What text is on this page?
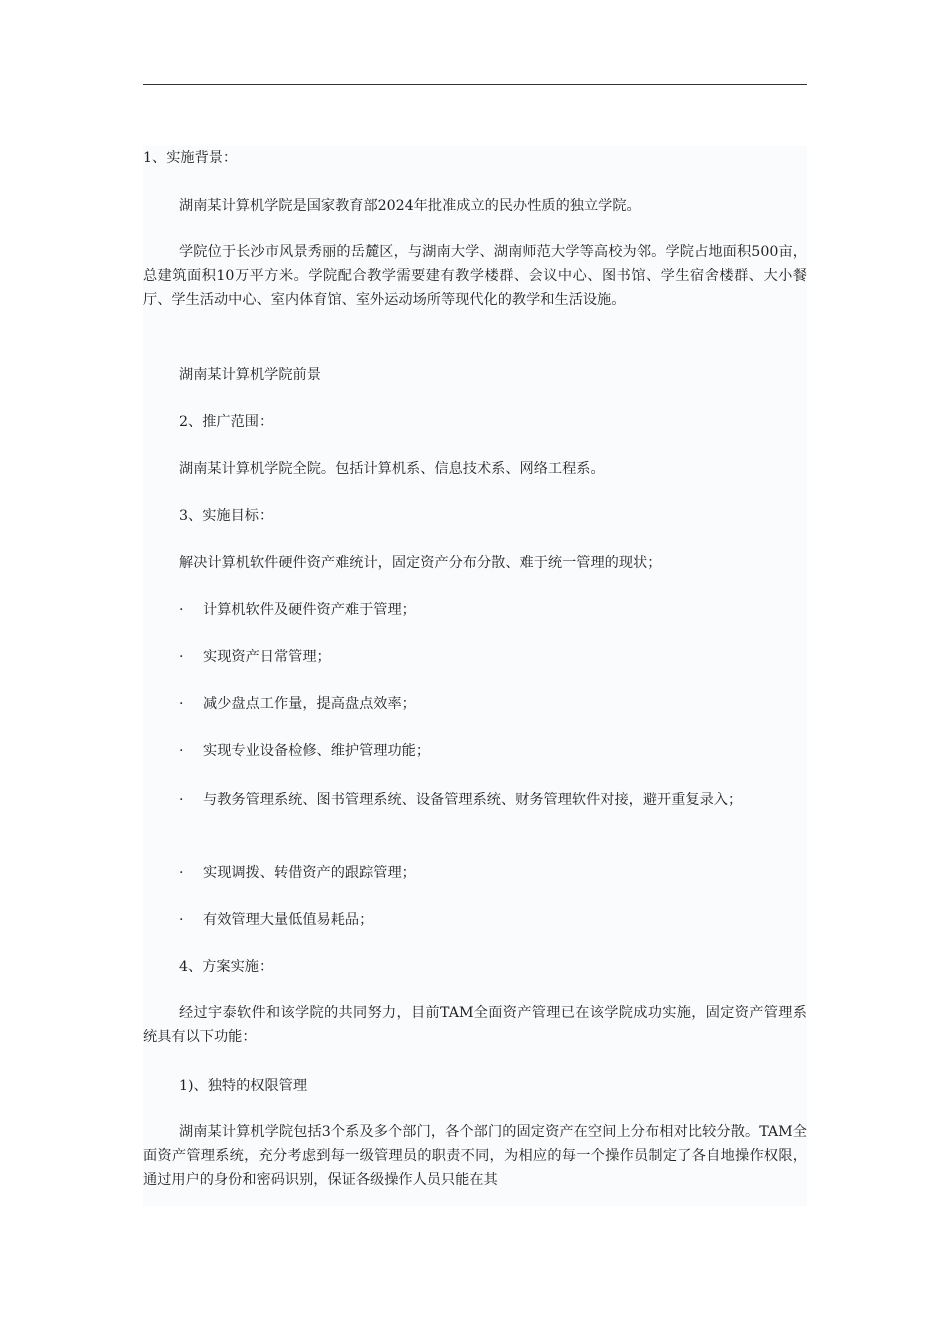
1、实施背景：

湖南某计算机学院是国家教育部2024年批准成立的民办性质的独立学院。

学院位于长沙市风景秀丽的岳麓区，与湖南大学、湖南师范大学等高校为邻。学院占地面积500亩，总建筑面积10万平方米。学院配合教学需要建有教学楼群、会议中心、图书馆、学生宿舍楼群、大小餐厅、学生活动中心、室内体育馆、室外运动场所等现代化的教学和生活设施。

湖南某计算机学院前景

2、推广范围：

湖南某计算机学院全院。包括计算机系、信息技术系、网络工程系。

3、实施目标：

解决计算机软件硬件资产难统计，固定资产分布分散、难于统一管理的现状；

· 计算机软件及硬件资产难于管理；
· 实现资产日常管理；
· 减少盘点工作量，提高盘点效率；
· 实现专业设备检修、维护管理功能；
· 与教务管理系统、图书管理系统、设备管理系统、财务管理软件对接，避开重复录入；
· 实现调拨、转借资产的跟踪管理；
· 有效管理大量低值易耗品；

4、方案实施：

经过宇泰软件和该学院的共同努力，目前TAM全面资产管理已在该学院成功实施，固定资产管理系统具有以下功能：

1)、独特的权限管理

湖南某计算机学院包括3个系及多个部门，各个部门的固定资产在空间上分布相对比较分散。TAM全面资产管理系统，充分考虑到每一级管理员的职责不同，为相应的每一个操作员制定了各自地操作权限，通过用户的身份和密码识别，保证各级操作人员只能在其
